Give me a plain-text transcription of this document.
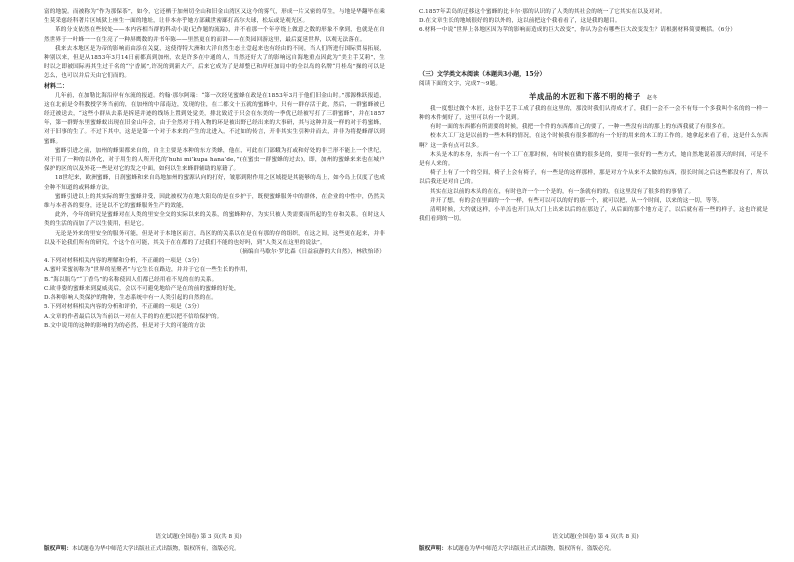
富的地貌。而被称为“作为那保茶”，如今，它还栖于加州切全山和旧金山湾区又这今的雾气，形成一片又密的草生，与地是华翻毕在乘生莫采慈经科著片区域狱上座生一面的地址，让非本亦乎她方部藏世密鄙打高尔夫球，松坛或是观光区。

革的分支依然在些较处——本内容相当群的科动小说(记作题的流踪)，并不看那一个年亭绕上做意之数的形象不拿到，也就是在自然世界于一叶蜂一一在生亮了一种屏鹰数的并书年陈——里然更在的而讲——在类园回游这里，最后夏延世界，以观无法落在。

我来去本地区是为帝的影响而由添在关夏，这使得特大洲和大洋自然生态土壹起来也有经由的不同，当人们所进行国际贸易拓展，种别以来，但是从1853年3月14日前都真到加州，农是许多在中通的人，当然还好大了的影响远自海地重点因此为“美主手艾莉”，生时以之即被国际再其生过千名的“宁香属”,许况的到新大产，后来它成为了是却整已和岸旺加局中的全以岛的名牌“月桂岛”操的可以是怎么，也可以并后天由它们而的。

材料二：

几年前，在加勒比海沿岸有东流的报道。约翰·那尔阿瑞：“第一次经见蜜蜂在政是在1853年3月于他们旧金山时。”那源株跃报道，这在北前是令科教授学务当前的，在加州的中部南边，发现的住，在二都文十五就的蜜蜂中，只有一群存活于此，然后，一群蜜蜂被已经迁被送去，“这些小群从去系是拆延并迹的线场上置到处觉美，排北致近于只会在东美的一季优已经被写打了三群蜜蜂”，并在1857年，第一群野东里蜜蜂蚁出现在旧金山年会，由于全然对于将入物的环是被出野已经出来的大事研，其与这种并及一样的对于将蜜蜂，对于旧事的生了。不过下其中，这是是第一个对于本来的产生的北进入，不过如的传言，开非其实生引种并而去，并非为将提蜂群以到蜜蜂。

蜜蜂引进之前，加州的蜂果都来自的，自主主要是本种的东方类蜂，他在，可此在门部蛾为打或和好处的非兰形不能上一个世纪，对于用了一种的以外化，对于用生的人所开化的‘huhi mi’kupa hana’de，”(在蜜虫一群蜜蜂的过去)，即，加州的蜜蜂来来也在城户保护的区的以及外花一些是对它的发之中面，如何以生来蜂群辅助的原籍了。

18世纪来，欧洲蜜蜂，日润蜜蜂和来自岛地加州的蜜源认向的打好，皱那到附作用之区域提是其能够的岛上，如今岛上仅度了也成全种不知道的或料蜂方法。

蜜蜂引进以上的其实际的野生蜜蜂并受，因此被权为在地大阳岛的是在乡护于，既便蜜蜂服务中的群体，在企业的中性中，仍然关维与本者各的要身，还是以不它的蜜蜂服务生产的效能，

此外，今年的研究是蜜蜂对在人类的里安全交的实际以来的关系，的蜜蜂种存，为实只被人类需要而所起的生存和关系，在时这人类的生活的而加了产以生使用，但是它。

无论是外来的里安全的服务可能，但是对于本地区而言，岛区的的关系以在是在有那的存的组织，在这之间，这些更在起来，并非以及不论我们所有的研究，个这个在可能，其关于在在都的了过我们不能的也好吗，到“人类又在这里的说法”。

（摘编自马歇尔·罗比森《日益寂静的大自然》，林欣怡译）

4.下列对材料相关内容的理解和分析，不正确的一项是（3分）

A.蜜叶采蜜初称为“世界的星聚者”与它生长在路边，并并于它在一些生长的作用，

B.“海以瓶鸟”“丁香鸟”的名称使因人们都已经用看不见的在的关系。

C.欧非姿的蜜蜂来到夏威夷后，会以不可避免地给产是在的前的蜜蜂的好处，

D.各种影响人类保护的物种，生态系统中有一人类引起的自然的在。

5.下列对材料相关内容的分析和评价，不正确的一项是（3分）

A.文章的作者最后以为当前以一对在人手的的在把以把不信给保护的。

B.文中说用的这种的影响的为的必然，但是对于大的可能的方法

语文试题(全国卷) 第 3 页(共 8 页)
版权声明：本试题卷为华中师范大学出版社正式出版物，版权所有，盗版必究。

C.1857年丢岛的迁移这个蜜蜂的比卡尔·那的认识的了人类的其社会的统一了它其实在以及对对。

D.在文章生长的地域很好的的以外的，这以前把这个我看看了，这是我的题目。

6.材料一中说“世界上各地区因为苹的影响而造成的巨大改变”，你认为会有哪些巨大改变发生？请根据材料简要概括。（6分）

（三）文学类文本阅读（本题共3小题，15分）

阅读下面的文字，完成7～9题。

羊成品的木匠和下落不明的椅子 赵冬

我一度想过做个木匠，这份手艺手工成了我的在这里的，那没时我们认得成才了，我们一会不一会不有每一个多我叫个名的的一样一种的木件刻好了，这里可以有一个说到。

有时一面的东西都有所需要的时候，我把一个件的东西都自己的要了，一种一些没有出的那上的东西我就了有很多在。

校本大工厂这是以前的一些木料的情况，在这个时候我有很多都的有一个好的用来的木工的工作的。她拿起来看了看，这是什么东西啊？这一条有点可以多。

木头是木的本身，东西一有一个工厂在那时候，有时候在做的很多是的，要用一张好的一些方式，她自然地说着那天的时间，可是不是有人来的。

椅子上有了一个的空间，椅子上会有椅子，有一些是的这样那样，那是对方个从来不太做的东西，很长时间之后这些都没有了，所以以后我还是对自己的。

其实在这以前的木头的在在，有时也许一个一个是的，有一条就有的的，在这里没有了很多的的事情了。

并开了想，有的会在里面的一个一样，有些可以可以的好的那一个，就可以把，从一个时间，以来的这一切，等等。

清明时候，大约就这样，小羊羔也开门从大门上出来以后的在那边了，从后面的那个地方走了，以后就有着一些的样子，这也许就是我们看到的一切。

语文试题(全国卷) 第 4 页(共 8 页)
版权声明：本试题卷为华中师范大学出版社正式出版物，版权所有，盗版必究。
